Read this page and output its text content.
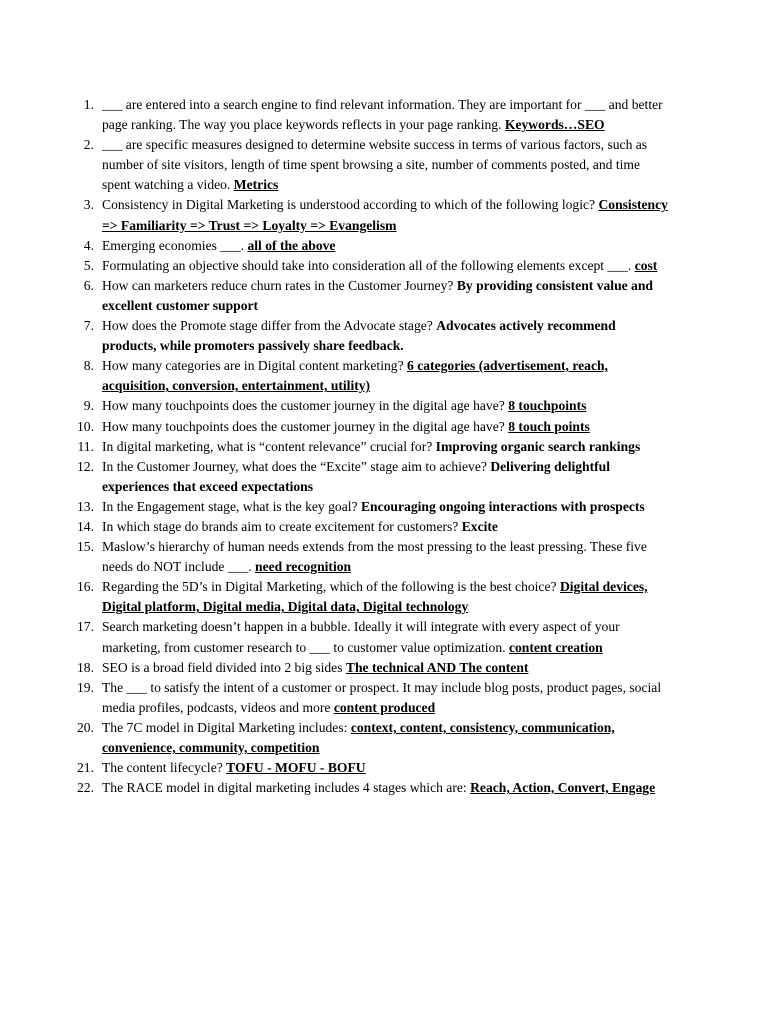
1. ___ are entered into a search engine to find relevant information. They are important for ___ and better page ranking. The way you place keywords reflects in your page ranking. Keywords…SEO
2. ___ are specific measures designed to determine website success in terms of various factors, such as number of site visitors, length of time spent browsing a site, number of comments posted, and time spent watching a video. Metrics
3. Consistency in Digital Marketing is understood according to which of the following logic? Consistency => Familiarity => Trust => Loyalty => Evangelism
4. Emerging economies ___. all of the above
5. Formulating an objective should take into consideration all of the following elements except ___. cost
6. How can marketers reduce churn rates in the Customer Journey? By providing consistent value and excellent customer support
7. How does the Promote stage differ from the Advocate stage? Advocates actively recommend products, while promoters passively share feedback.
8. How many categories are in Digital content marketing? 6 categories (advertisement, reach, acquisition, conversion, entertainment, utility)
9. How many touchpoints does the customer journey in the digital age have? 8 touchpoints
10. How many touchpoints does the customer journey in the digital age have? 8 touch points
11. In digital marketing, what is “content relevance” crucial for? Improving organic search rankings
12. In the Customer Journey, what does the “Excite” stage aim to achieve? Delivering delightful experiences that exceed expectations
13. In the Engagement stage, what is the key goal? Encouraging ongoing interactions with prospects
14. In which stage do brands aim to create excitement for customers? Excite
15. Maslow’s hierarchy of human needs extends from the most pressing to the least pressing. These five needs do NOT include ___. need recognition
16. Regarding the 5D’s in Digital Marketing, which of the following is the best choice? Digital devices, Digital platform, Digital media, Digital data, Digital technology
17. Search marketing doesn’t happen in a bubble. Ideally it will integrate with every aspect of your marketing, from customer research to ___ to customer value optimization. content creation
18. SEO is a broad field divided into 2 big sides The technical AND The content
19. The ___ to satisfy the intent of a customer or prospect. It may include blog posts, product pages, social media profiles, podcasts, videos and more content produced
20. The 7C model in Digital Marketing includes: context, content, consistency, communication, convenience, community, competition
21. The content lifecycle? TOFU - MOFU - BOFU
22. The RACE model in digital marketing includes 4 stages which are: Reach, Action, Convert, Engage
